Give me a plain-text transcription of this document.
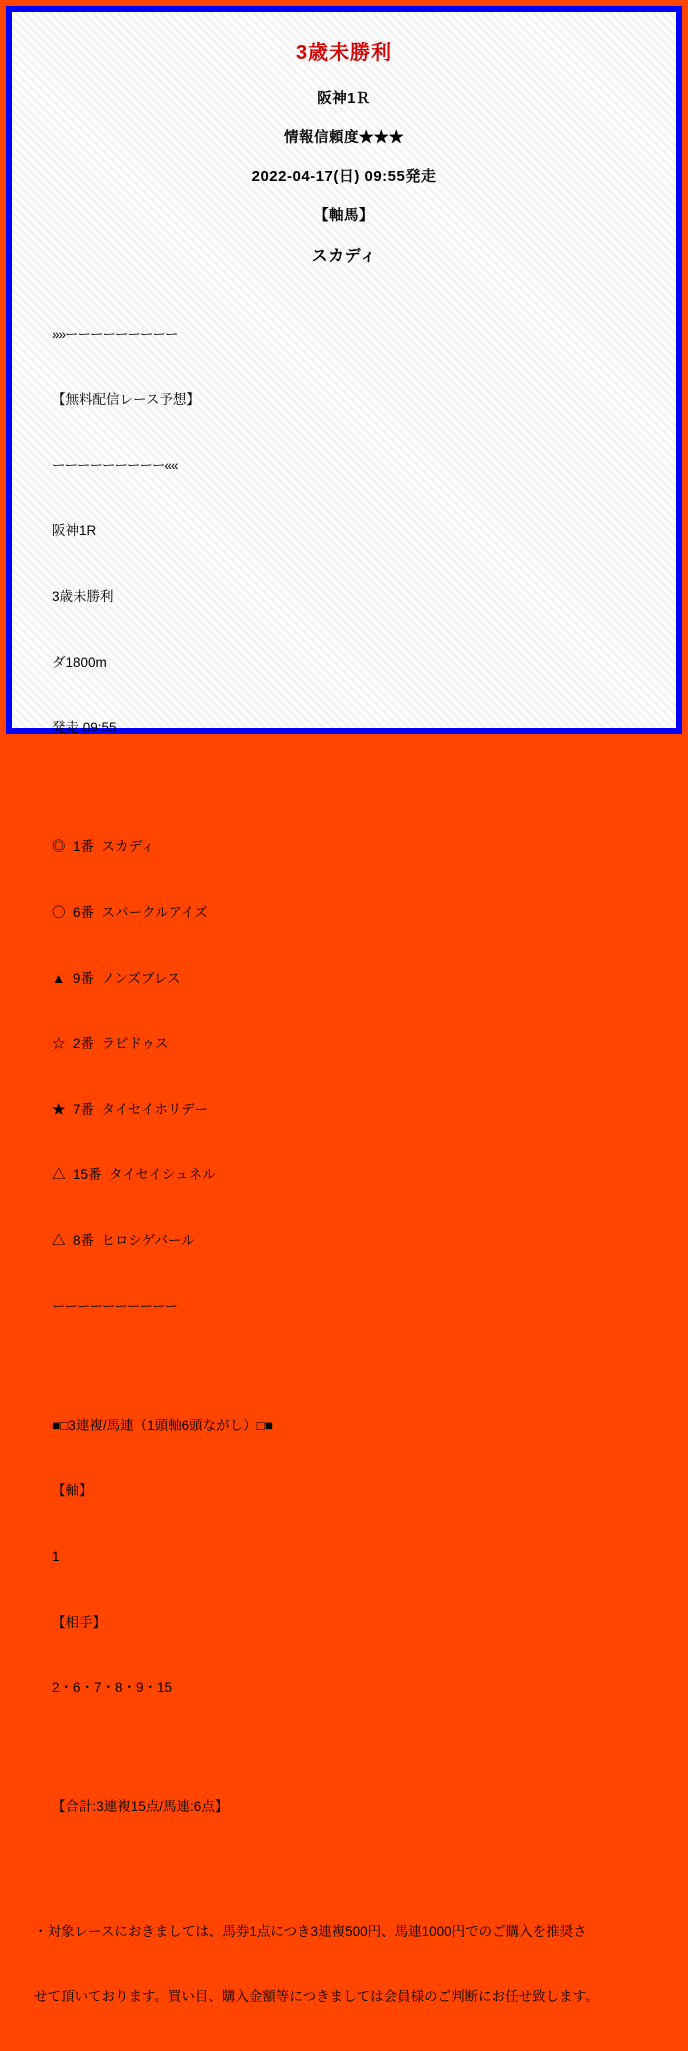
3歳未勝利
阪神1Ｒ
情報信頼度★★★
2022-04-17(日) 09:55発走
【軸馬】
スカディ

»»ーーーーーーーーー

【無料配信レース予想】

ーーーーーーーーー««

阪神1R

3歳未勝利

ダ1800m

発走 09:55

◎  1番  スカディ

〇  6番  スパークルアイズ

▲  9番  ノンズブレス

☆  2番  ラピドゥス

★  7番  タイセイホリデー

△  15番  タイセイシュネル

△  8番  ヒロシゲパール

ーーーーーーーーーー

■□3連複/馬連（1頭軸6頭ながし）□■

【軸】

1

【相手】

2・6・7・8・9・15

【合計:3連複15点/馬連:6点】

・対象レースにおきましては、馬券1点につき3連複500円、馬連1000円でのご購入を推奨さ

せて頂いております。買い目、購入金額等につきましては会員様のご判断にお任せ致します。
